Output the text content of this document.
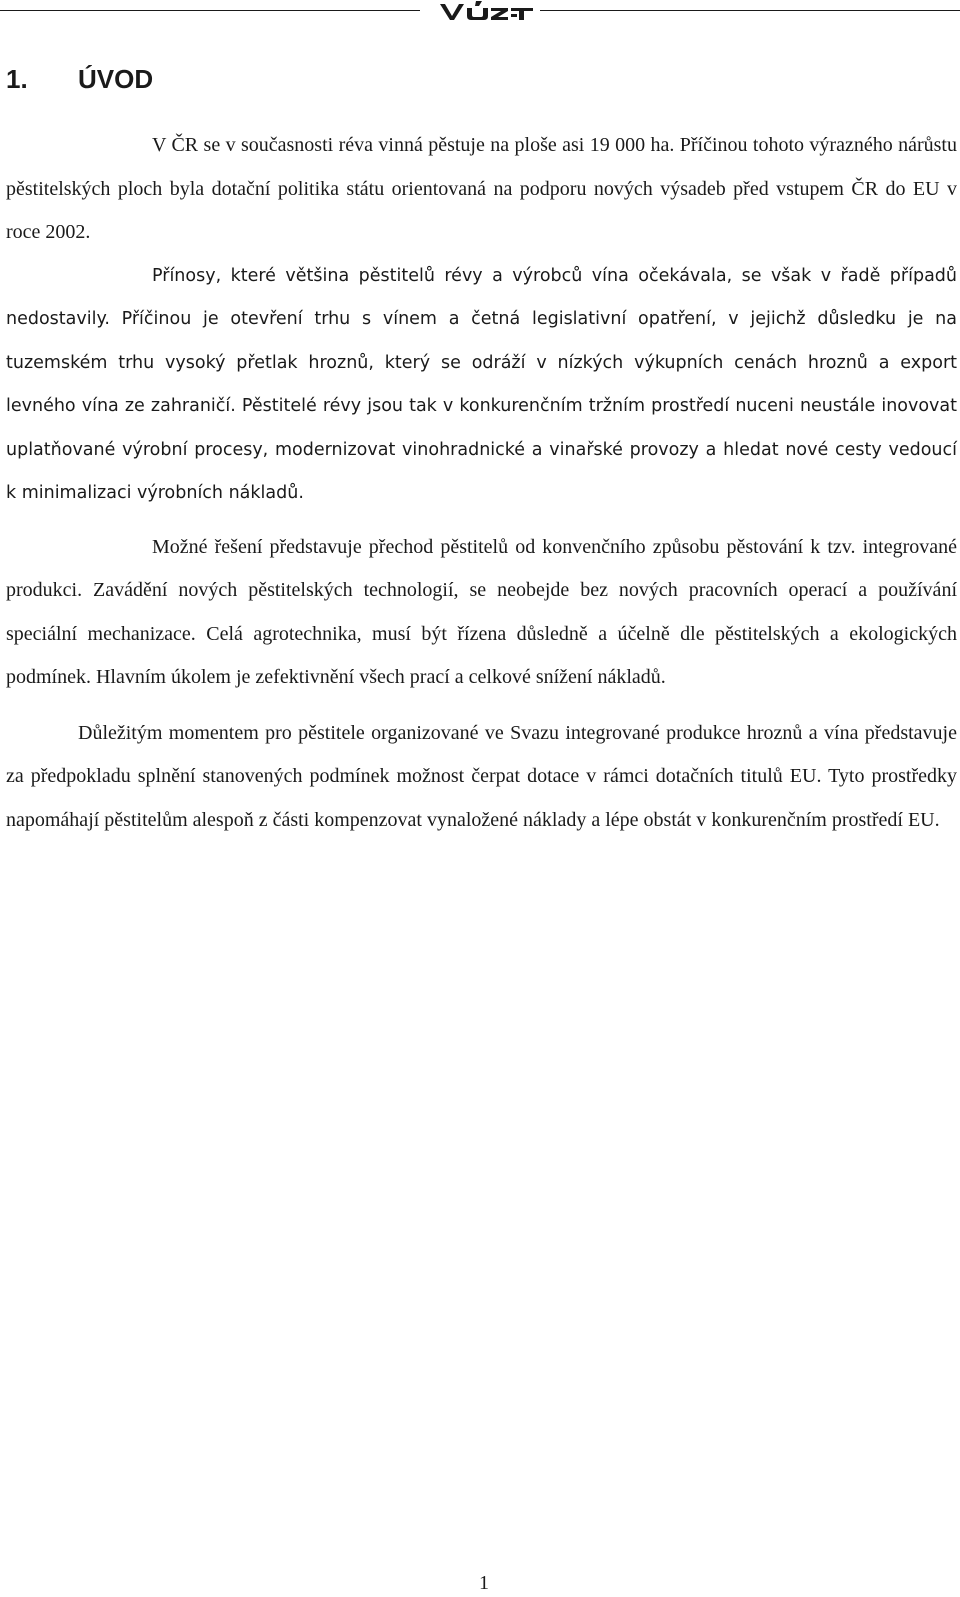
1. ÚVOD

V ČR se v současnosti réva vinná pěstuje na ploše asi 19 000 ha. Příčinou tohoto výrazného nárůstu pěstitelských ploch byla dotační politika státu orientovaná na podporu nových výsadeb před vstupem ČR do EU v roce 2002.

Přínosy, které většina pěstitelů révy a výrobců vína očekávala, se však v řadě případů nedostavily. Příčinou je otevření trhu s vínem a četná legislativní opatření, v jejichž důsledku je na tuzemském trhu vysoký přetlak hroznů, který se odráží v nízkých výkupních cenách hroznů a export levného vína ze zahraničí. Pěstitelé révy jsou tak v konkurenčním tržním prostředí nuceni neustále inovovat uplatňované výrobní procesy, modernizovat vinohradnické a vinařské provozy a hledat nové cesty vedoucí k minimalizaci výrobních nákladů.

Možné řešení představuje přechod pěstitelů od konvenčního způsobu pěstování k tzv. integrované produkci. Zavádění nových pěstitelských technologií, se neobejde bez nových pracovních operací a používání speciální mechanizace. Celá agrotechnika, musí být řízena důsledně a účelně dle pěstitelských a ekologických podmínek. Hlavním úkolem je zefektivnění všech prací a celkové snížení nákladů.

Důležitým momentem pro pěstitele organizované ve Svazu integrované produkce hroznů a vína představuje za předpokladu splnění stanovených podmínek možnost čerpat dotace v rámci dotačních titulů EU. Tyto prostředky napomáhají pěstitelům alespoň z části kompenzovat vynaložené náklady a lépe obstát v konkurenčním prostředí EU.

1
